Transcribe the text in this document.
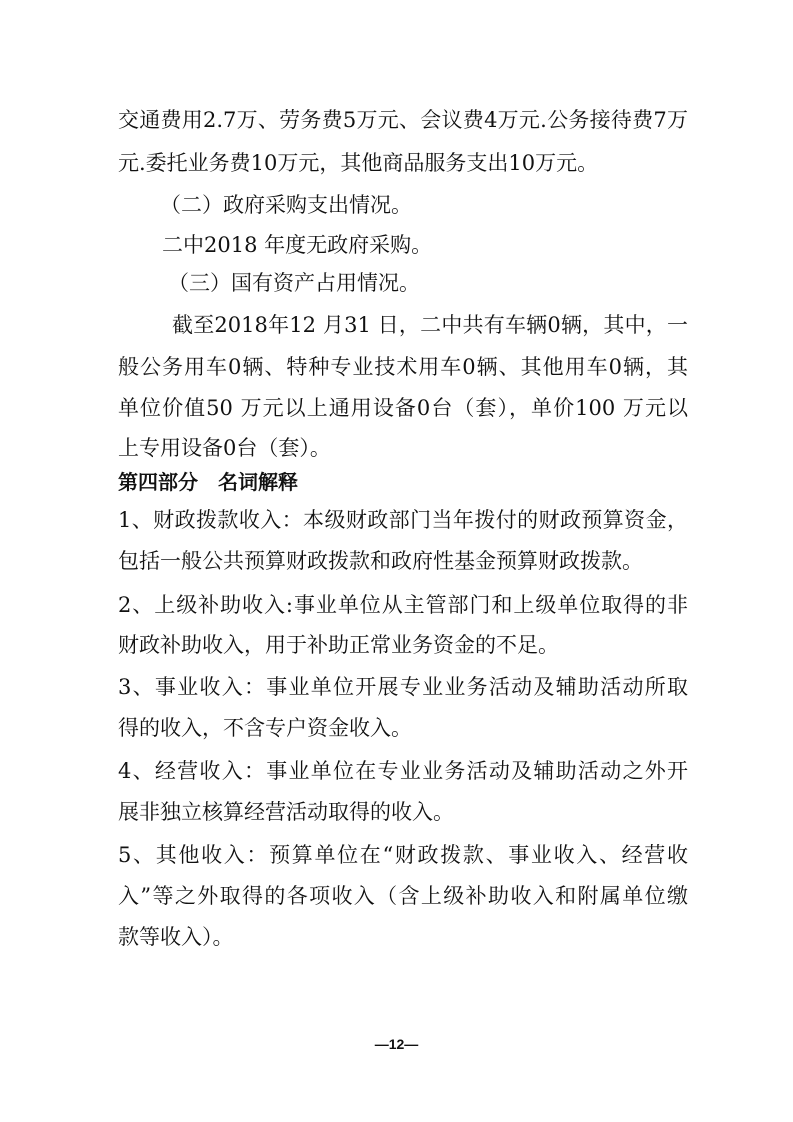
交通费用2.7万、劳务费5万元、会议费4万元.公务接待费7万
元.委托业务费10万元，其他商品服务支出10万元。
（二）政府采购支出情况。
二中2018 年度无政府采购。
（三）国有资产占用情况。
截至2018年12 月31 日，二中共有车辆0辆，其中，一
般公务用车0辆、特种专业技术用车0辆、其他用车0辆，其
单位价值50 万元以上通用设备0台（套），单价100 万元以
上专用设备0台（套）。
第四部分　名词解释
1、财政拨款收入：本级财政部门当年拨付的财政预算资金，
包括一般公共预算财政拨款和政府性基金预算财政拨款。
2、上级补助收入:事业单位从主管部门和上级单位取得的非
财政补助收入，用于补助正常业务资金的不足。
3、事业收入：事业单位开展专业业务活动及辅助活动所取
得的收入，不含专户资金收入。
4、经营收入：事业单位在专业业务活动及辅助活动之外开
展非独立核算经营活动取得的收入。
5、其他收入：预算单位在“财政拨款、事业收入、经营收
入”等之外取得的各项收入（含上级补助收入和附属单位缴
款等收入）。
—12—
